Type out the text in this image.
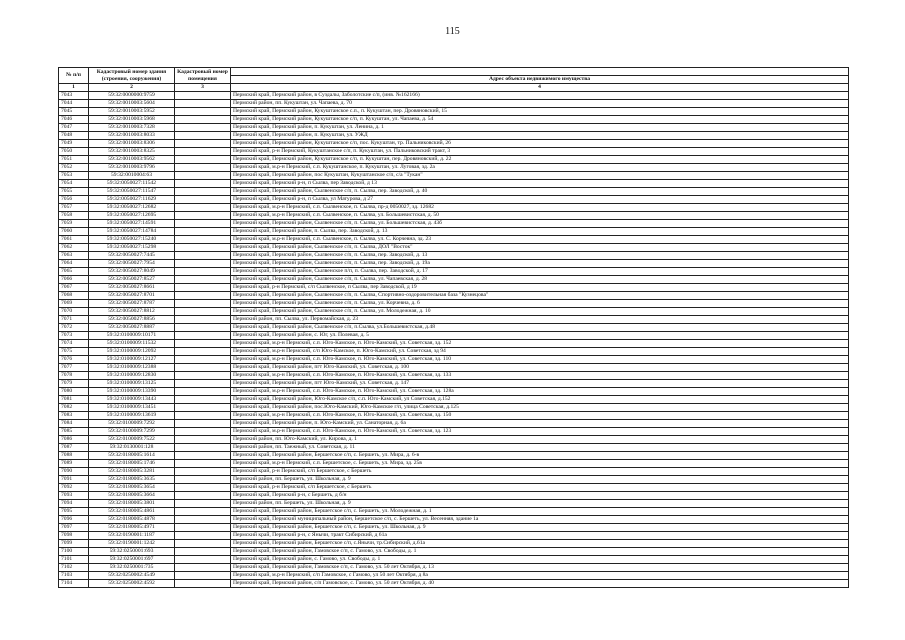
115
№ п/п	Кадастровый номер здания (строения, сооружения)	Кадастровый номер помещения	
			Адрес объекта недвижимого имущества
1	2	3	4
7043	59:32:0000000:9759		Пермский край, Пермский район, в Суздалы, Заболотские с/п, (инв. №162166)
7044	59:32:0010003:5604		Пермский район, пп. Кукуштан, ул. Чапаева, д. 70
7045	59:32:0010003:5952		Пермский край, Пермский район, Кукуштанское с.п., п. Кукуштан, пер. Дровяновский, 15
7046	59:32:0010003:5968		Пермский край, Пермский район, Кукуштанское с/п, п. Кукуштан, ул. Чапаева, д. 54
7047	59:32:0010003:7328		Пермский край, Пермский район, п. Кукуштан, ул. Ленина, д. 1
7048	59:32:0010003:8033		Пермский край, Пермский район, п. Кукуштан, ул. УЖД
7049	59:32:0010003:8306		Пермский край, Пермский район, Кукуштанское с/п, пос. Кукуштан, тр. Пальниковский, 26
7050	59:32:0010003:8325		Пермский край, р-н Пермский, Кукуштанское с/п, п. Кукуштан, ул. Пальниковский тракт, 3
7051	59:32:0010003:9562		Пермский край, Пермский район, Кукуштанское с/п, п. Кукуштан, пер. Дровяновский, д. 22
7052	59:32:0010003:9796		Пермский край, м.р-н Пермский, с.п. Кукуштанское, п. Кукуштан, ул. Луговая, зд. 2а
7053	59:32:0010004:63		Пермский край, Пермский район, пос Кукуштан, Кукуштанское с/п, с/а "Тукан"
7054	59:32:0050027:11542		Пермский край, Пермский р-н, п Сылва, пер Заводской, д 13
7055	59:32:0050027:11547		Пермский край, Пермский район, Сылвенское с/п, п. Сылва, пер. Заводской, д. 40
7056	59:32:0050027:11629		Пермский край, Пермский р-н, п Сылва, ул Матурова, д 27
7057	59:32:0050027:12682		Пермский край, м.р-н Пермский, с.п. Сылвенское, п. Сылва, пр-д 0050027, зд. 12682
7058	59:32:0050027:12695		Пермский край, м.р-н Пермский, с.п. Сылвенское, п. Сылва, ул. Большевистская, д. 50
7059	59:32:0050027:14591		Пермский край, Пермский район, Сылвенское с/п, п. Сылва, ул. Большевистская, д. 43б
7060	59:32:0050027:14784		Пермский край, Пермский район, п. Сылва, пер. Заводской, д. 13
7061	59:32:0050027:15240		Пермский край, м.р-н Пермский, с.п. Сылвенское, п. Сылва, ул. С. Корчевна, зд. 23
7062	59:32:0050027:15298		Пермский край, Пермский район, Сылвенское с/п, п. Сылва, ДОЛ "Восток"
7063	59:32:0050027:7445		Пермский край, Пермский район, Сылвенское с/п, п. Сылва, пер. Заводской, д. 13
7064	59:32:0050027:7954		Пермский край, Пермский район, Сылвенское с/п, п. Сылва, пер. Заводской, д. 19а
7065	59:32:0050027:8049		Пермский край, Пермский район, Сылвенское п/п, п. Сылва, пер. Заводской, д. 17
7066	59:32:0050027:8527		Пермский край, Пермский район, Сылвенское с/п, п. Сылва, ул. Чапаевская, д. 28
7067	59:32:0050027:8661		Пермский край, р-н Пермский, с/п Сылвенское, п Сылва, пер Заводской, д 19
7068	59:32:0050027:8701		Пермский край, Пермский район, Сылвенское с/п, п. Сылва, Спортивно-оздоровительная база "Кузнецова"
7069	59:32:0050027:8787		Пермский край, Пермский район, Сылвенское с/п, п. Сылва, ул. Корчевна, д. 6
7070	59:32:0050027:8812		Пермский край, Пермский район, Сылвенское с/п, п. Сылва, ул. Молодежная, д. 10
7071	59:32:0050027:8856		Пермский район, пп. Сылва, ул. Первомайская, д. 23
7072	59:32:0050027:8887		Пермский край, Пермский район, Сылвенское с/п, п.Сылва, ул.Большевистская, д.48
7073	59:32:0100009:10171		Пермский край, Пермский район, с. Юг, ул. Полевая, д. 5
7074	59:32:0100009:11532		Пермский край, м.р-н Пермский, с.п. Юго-Камское, п. Юго-Камский, ул. Советская, зд. 152
7075	59:32:0100009:12092		Пермский край, м.р-н Пермский, с/п Юго-Камское, п. Юго-Камский, ул. Советская, зд 94
7076	59:32:0100009:12127		Пермский край, м.р-н Пермский, с.п. Юго-Камское, п. Юго-Камский, ул. Советская, зд. 110
7077	59:32:0100009:12388		Пермский край, Пермский район, пгт Юго-Камский, ул. Советская, д. 100
7078	59:32:0100009:12830		Пермский край, м.р-н Пермский, с.п. Юго-Камское, п. Юго-Камский, ул. Советская, зд. 133
7079	59:32:0100009:13125		Пермский край, Пермский район, пгт Юго-Камский, ул. Советская, д. 147
7080	59:32:0100009:13390		Пермский край, м.р-н Пермский, с.п. Юго-Камское, п. Юго-Камский, ул. Советская, зд. 128а
7081	59:32:0100009:13443		Пермский край, Пермский район, Юго-Камское с/п, с.п. Юго-Камский, ул Советская, д.152
7082	59:32:0100009:13451		Пермский край, Пермский район, пос.Юго-Камский, Юго-Камское г/п, улица Советская, д.125
7083	59:32:0100009:13619		Пермский край, м.р-н Пермский, с.п. Юго-Камское, п. Юго-Камский, ул. Советская, зд. 150
7084	59:32:0100009:7292		Пермский край, Пермский район, п. Юго-Камский, ул. Санаторная, д. 6а
7085	59:32:0100009:7299		Пермский край, м.р-н Пермский, с.п. Юго-Камское, п. Юго-Камский, ул. Советская, зд. 123
7086	59:32:0100009:7522		Пермский район, пп. Юго-Камский, ул. Кирова, д. 1
7087	59:32:0130001:128		Пермский район, пп. Таежный, ул. Советская, д. 11
7088	59:32:0180005:1614		Пермский край, Пермский район, Бершетское с/п, с. Бершеть, ул. Мира, д. 6-в
7089	59:32:0180005:1746		Пермский край, м.р-н Пермский, с.п. Бершетское, с. Бершеть, ул. Мира, зд. 25в
7090	59:32:0180005:3281		Пермский край, р-н Пермский, с/п Бершетское, с Бершеть
7091	59:32:0180005:3635		Пермский район, пп. Бершеть, ул. Школьная, д. 9
7092	59:32:0180005:3654		Пермский край, р-н Пермский, с/п Бершетское, с Бершеть
7093	59:32:0180005:3664		Пермский край, Пермский р-н, с Бершеть, д б/н
7094	59:32:0180005:3801		Пермский район, пп. Бершеть, ул. Школьная, д. 9
7095	59:32:0180005:4861		Пермский край, Пермский район, Бершетское с/п, с. Бершеть, ул. Молодежная, д. 1
7096	59:32:0180005:4878		Пермский край, Пермский муниципальный район, Бершетское с/п, с. Бершеть, ул. Весенняя, здание 1а
7097	59:32:0180005:4971		Пермский край, Пермский район, Бершетское с/п, с. Бершеть, ул. Школьная, д. 9
7098	59:32:0190001:1187		Пермский край, Пермский р-н, с Янычи, тракт Сибирский, д 61а
7099	59:32:0190001:1242		Пермский край, Пермский район, Бершетское с/п, с.Янычи, тр.Сибирский, д.61а
7100	59:32:0250001:693		Пермский край, Пермский район, Гамовское с/п, с. Гамово, ул. Свободы, д. 1
7101	59:32:0250001:697		Пермский край, Пермский район, с. Гамово, ул. Свободы, д. 1
7102	59:32:0250001:735		Пермский край, Пермский район, Гамовское с/п, с. Гамово, ул. 50 лет Октября, д. 13
7103	59:32:0250002:4549		Пермский край, м.р-н Пермский, с/п Гамовское, с Гамово, ул 50 лет Октября, д 8а
7104	59:32:0250002:4592		Пермский край, Пермский район, с/п Гамовское, с. Гамово, ул. 50 лет Октября, д. 40
